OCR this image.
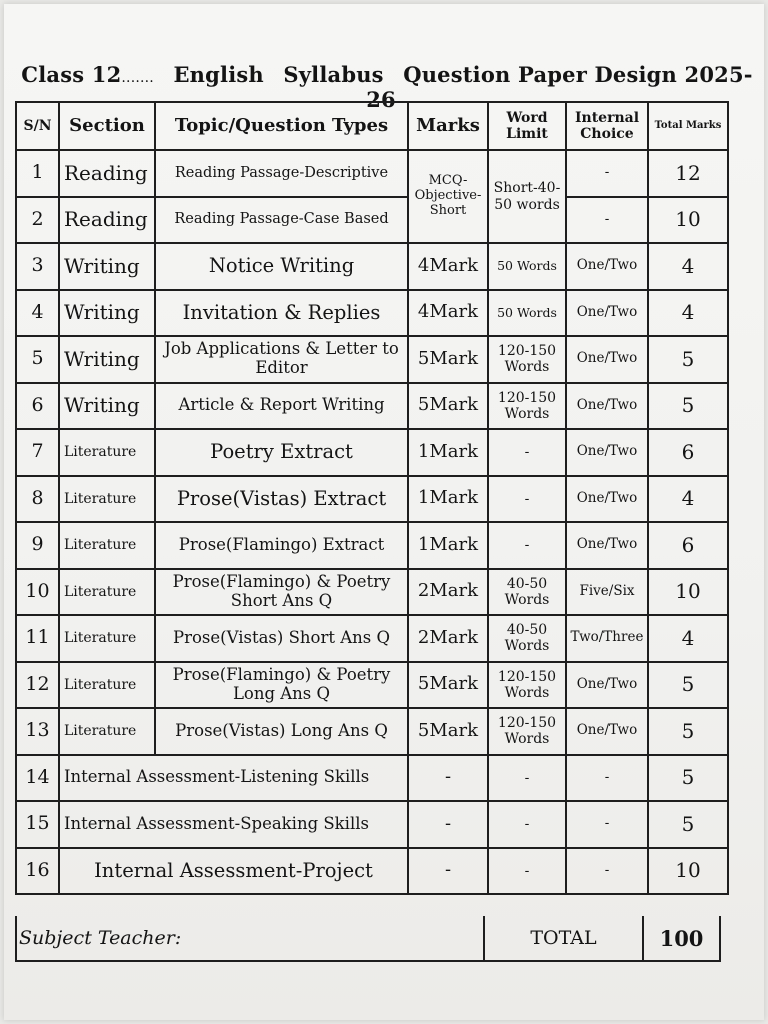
Class 12....... English Syllabus Question Paper Design 2025-26
S/N	Section	Topic/Question Types	Marks	Word Limit	Internal Choice	Total Marks
1	Reading	Reading Passage-Descriptive	MCQ-Objective-Short	Short-40-50 words	-	12
2	Reading	Reading Passage-Case Based			-	10
3	Writing	Notice Writing	4Mark	50 Words	One/Two	4
4	Writing	Invitation & Replies	4Mark	50 Words	One/Two	4
5	Writing	Job Applications & Letter to Editor	5Mark	120-150 Words	One/Two	5
6	Writing	Article & Report Writing	5Mark	120-150 Words	One/Two	5
7	Literature	Poetry Extract	1Mark	-	One/Two	6
8	Literature	Prose(Vistas) Extract	1Mark	-	One/Two	4
9	Literature	Prose(Flamingo) Extract	1Mark	-	One/Two	6
10	Literature	Prose(Flamingo) & Poetry Short Ans Q	2Mark	40-50 Words	Five/Six	10
11	Literature	Prose(Vistas) Short Ans Q	2Mark	40-50 Words	Two/Three	4
12	Literature	Prose(Flamingo) & Poetry Long Ans Q	5Mark	120-150 Words	One/Two	5
13	Literature	Prose(Vistas) Long Ans Q	5Mark	120-150 Words	One/Two	5
14	Internal Assessment-Listening Skills		-	-	-	5
15	Internal Assessment-Speaking Skills		-	-	-	5
16	Internal Assessment-Project		-	-	-	10
Subject Teacher:	TOTAL	100
